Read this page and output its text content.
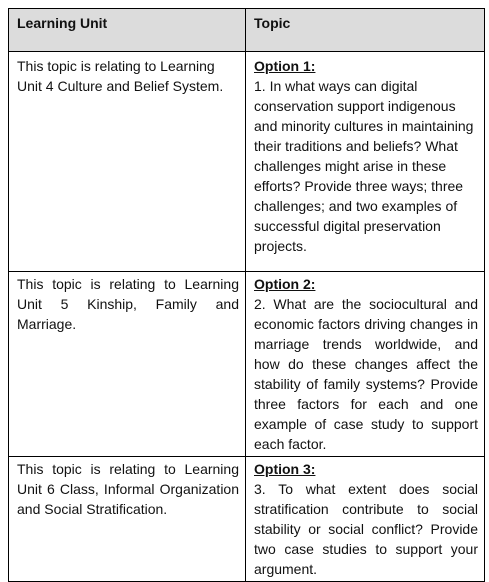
Learning Unit	Topic

This topic is relating to Learning Unit 4 Culture and Belief System.	Option 1:
1. In what ways can digital conservation support indigenous and minority cultures in maintaining their traditions and beliefs? What challenges might arise in these efforts? Provide three ways; three challenges; and two examples of successful digital preservation projects.

This topic is relating to Learning Unit 5 Kinship, Family and Marriage.	Option 2:
2. What are the sociocultural and economic factors driving changes in marriage trends worldwide, and how do these changes affect the stability of family systems? Provide three factors for each and one example of case study to support each factor.

This topic is relating to Learning Unit 6 Class, Informal Organization and Social Stratification.	Option 3:
3. To what extent does social stratification contribute to social stability or social conflict? Provide two case studies to support your argument.
